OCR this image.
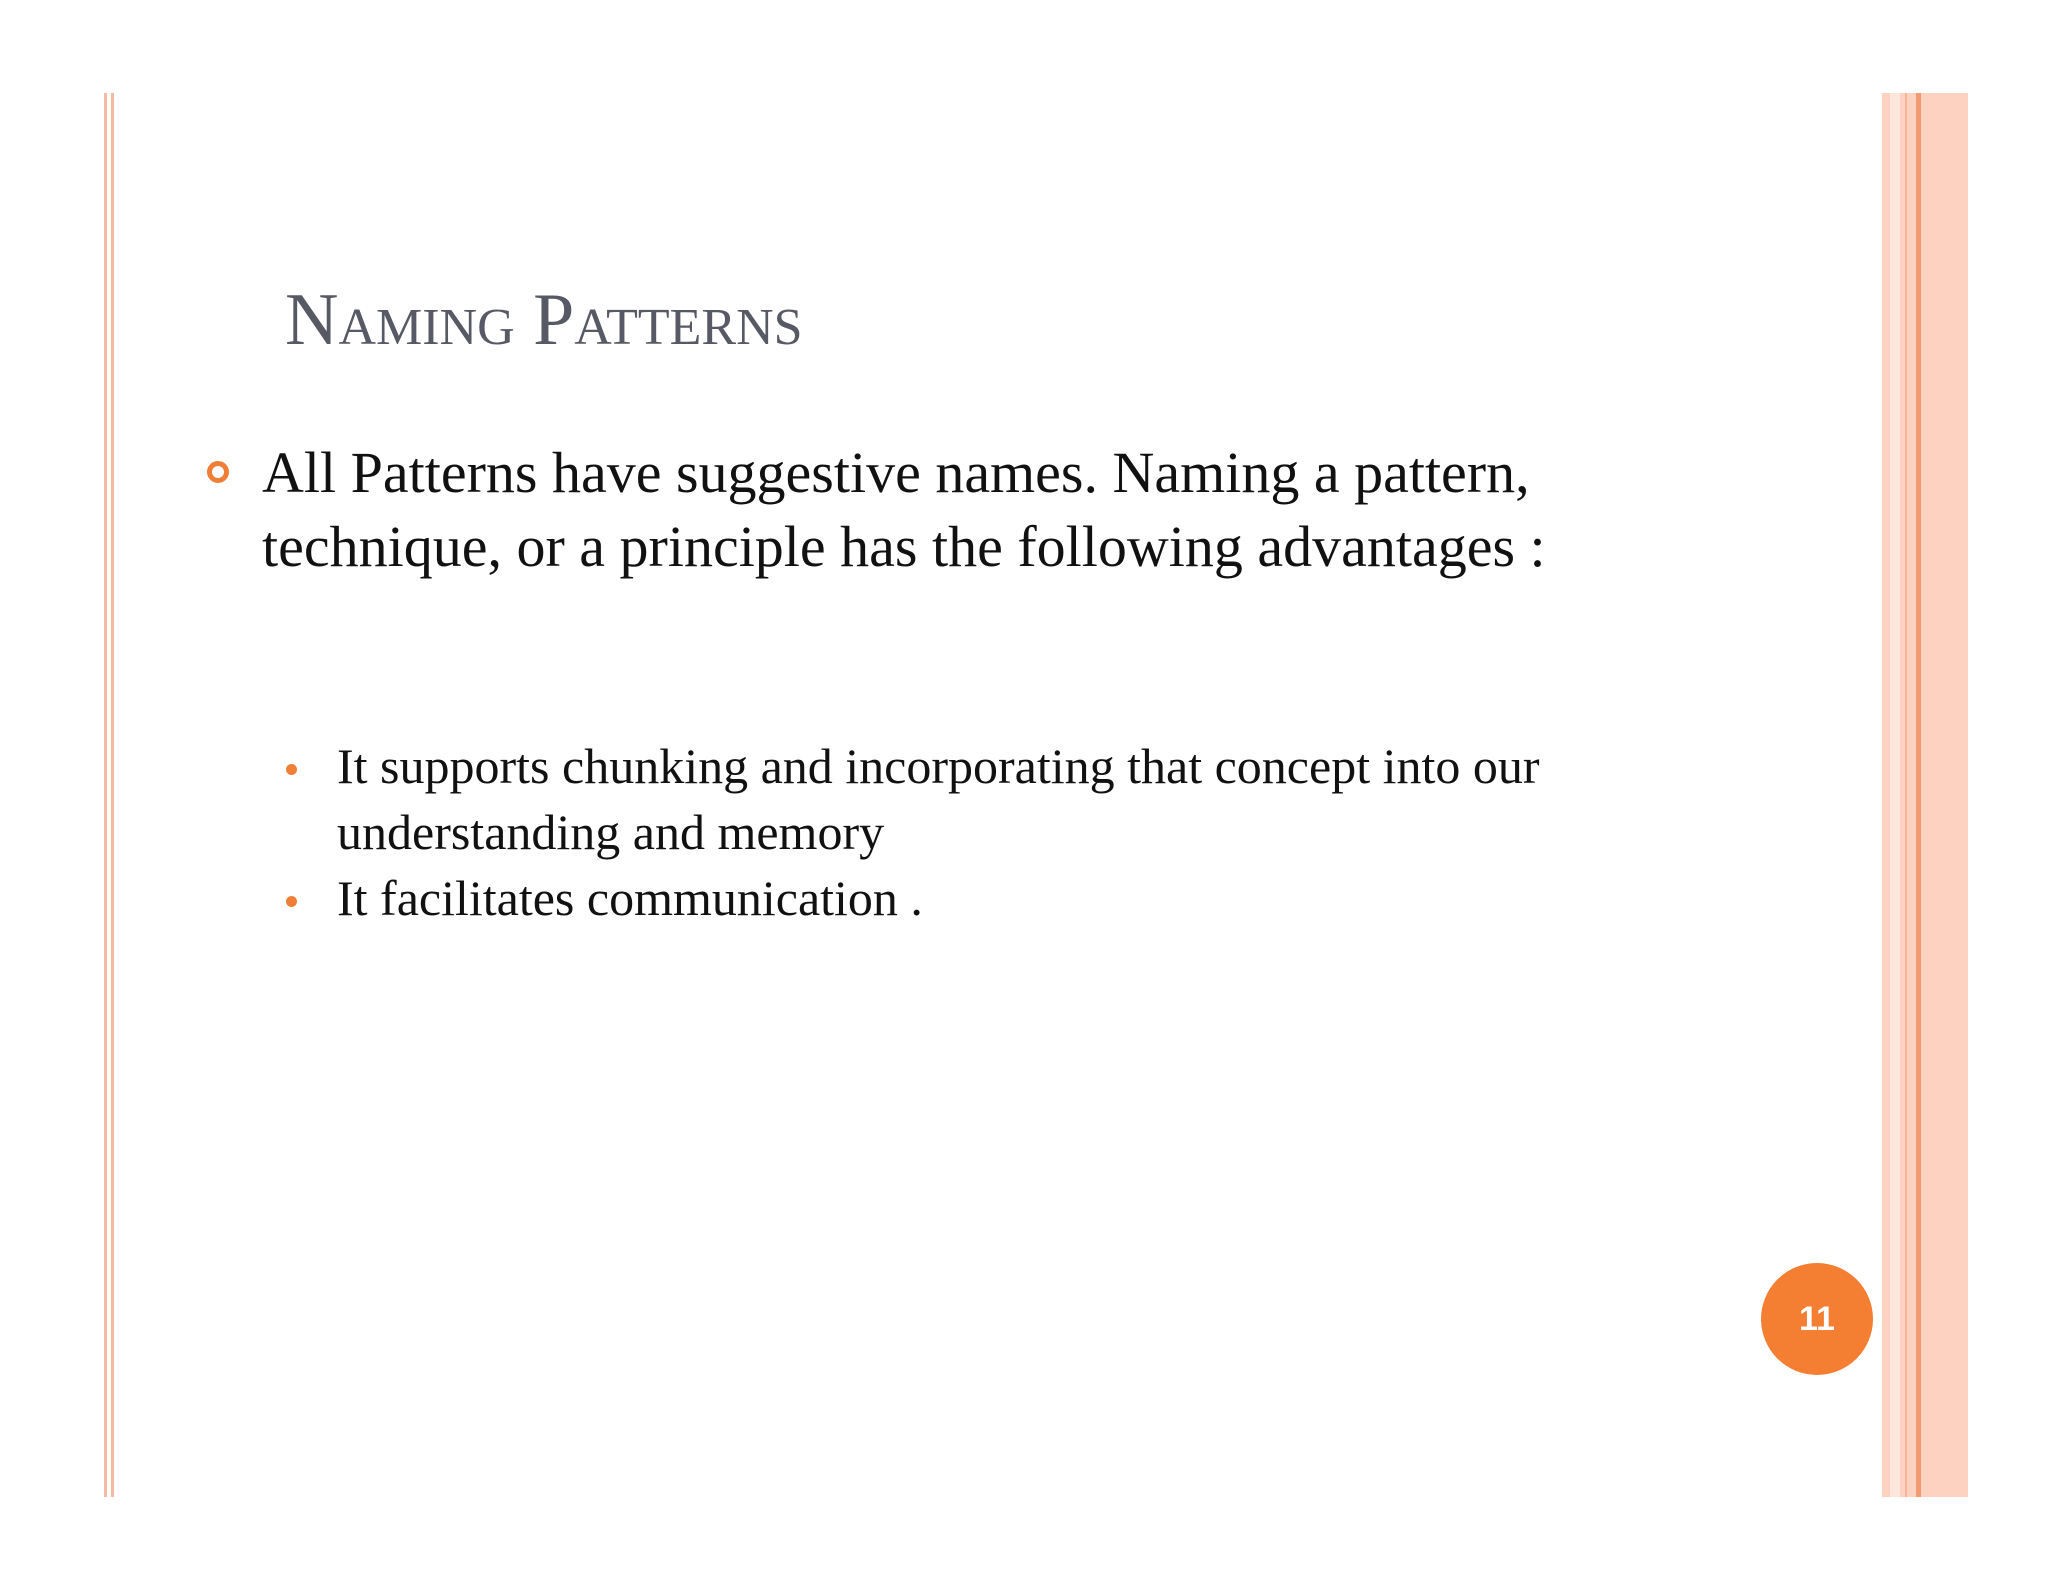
Naming Patterns

All Patterns have suggestive names. Naming a pattern, technique, or a principle has the following advantages :

It supports chunking and incorporating that concept into our understanding and memory
It facilitates communication .
11
